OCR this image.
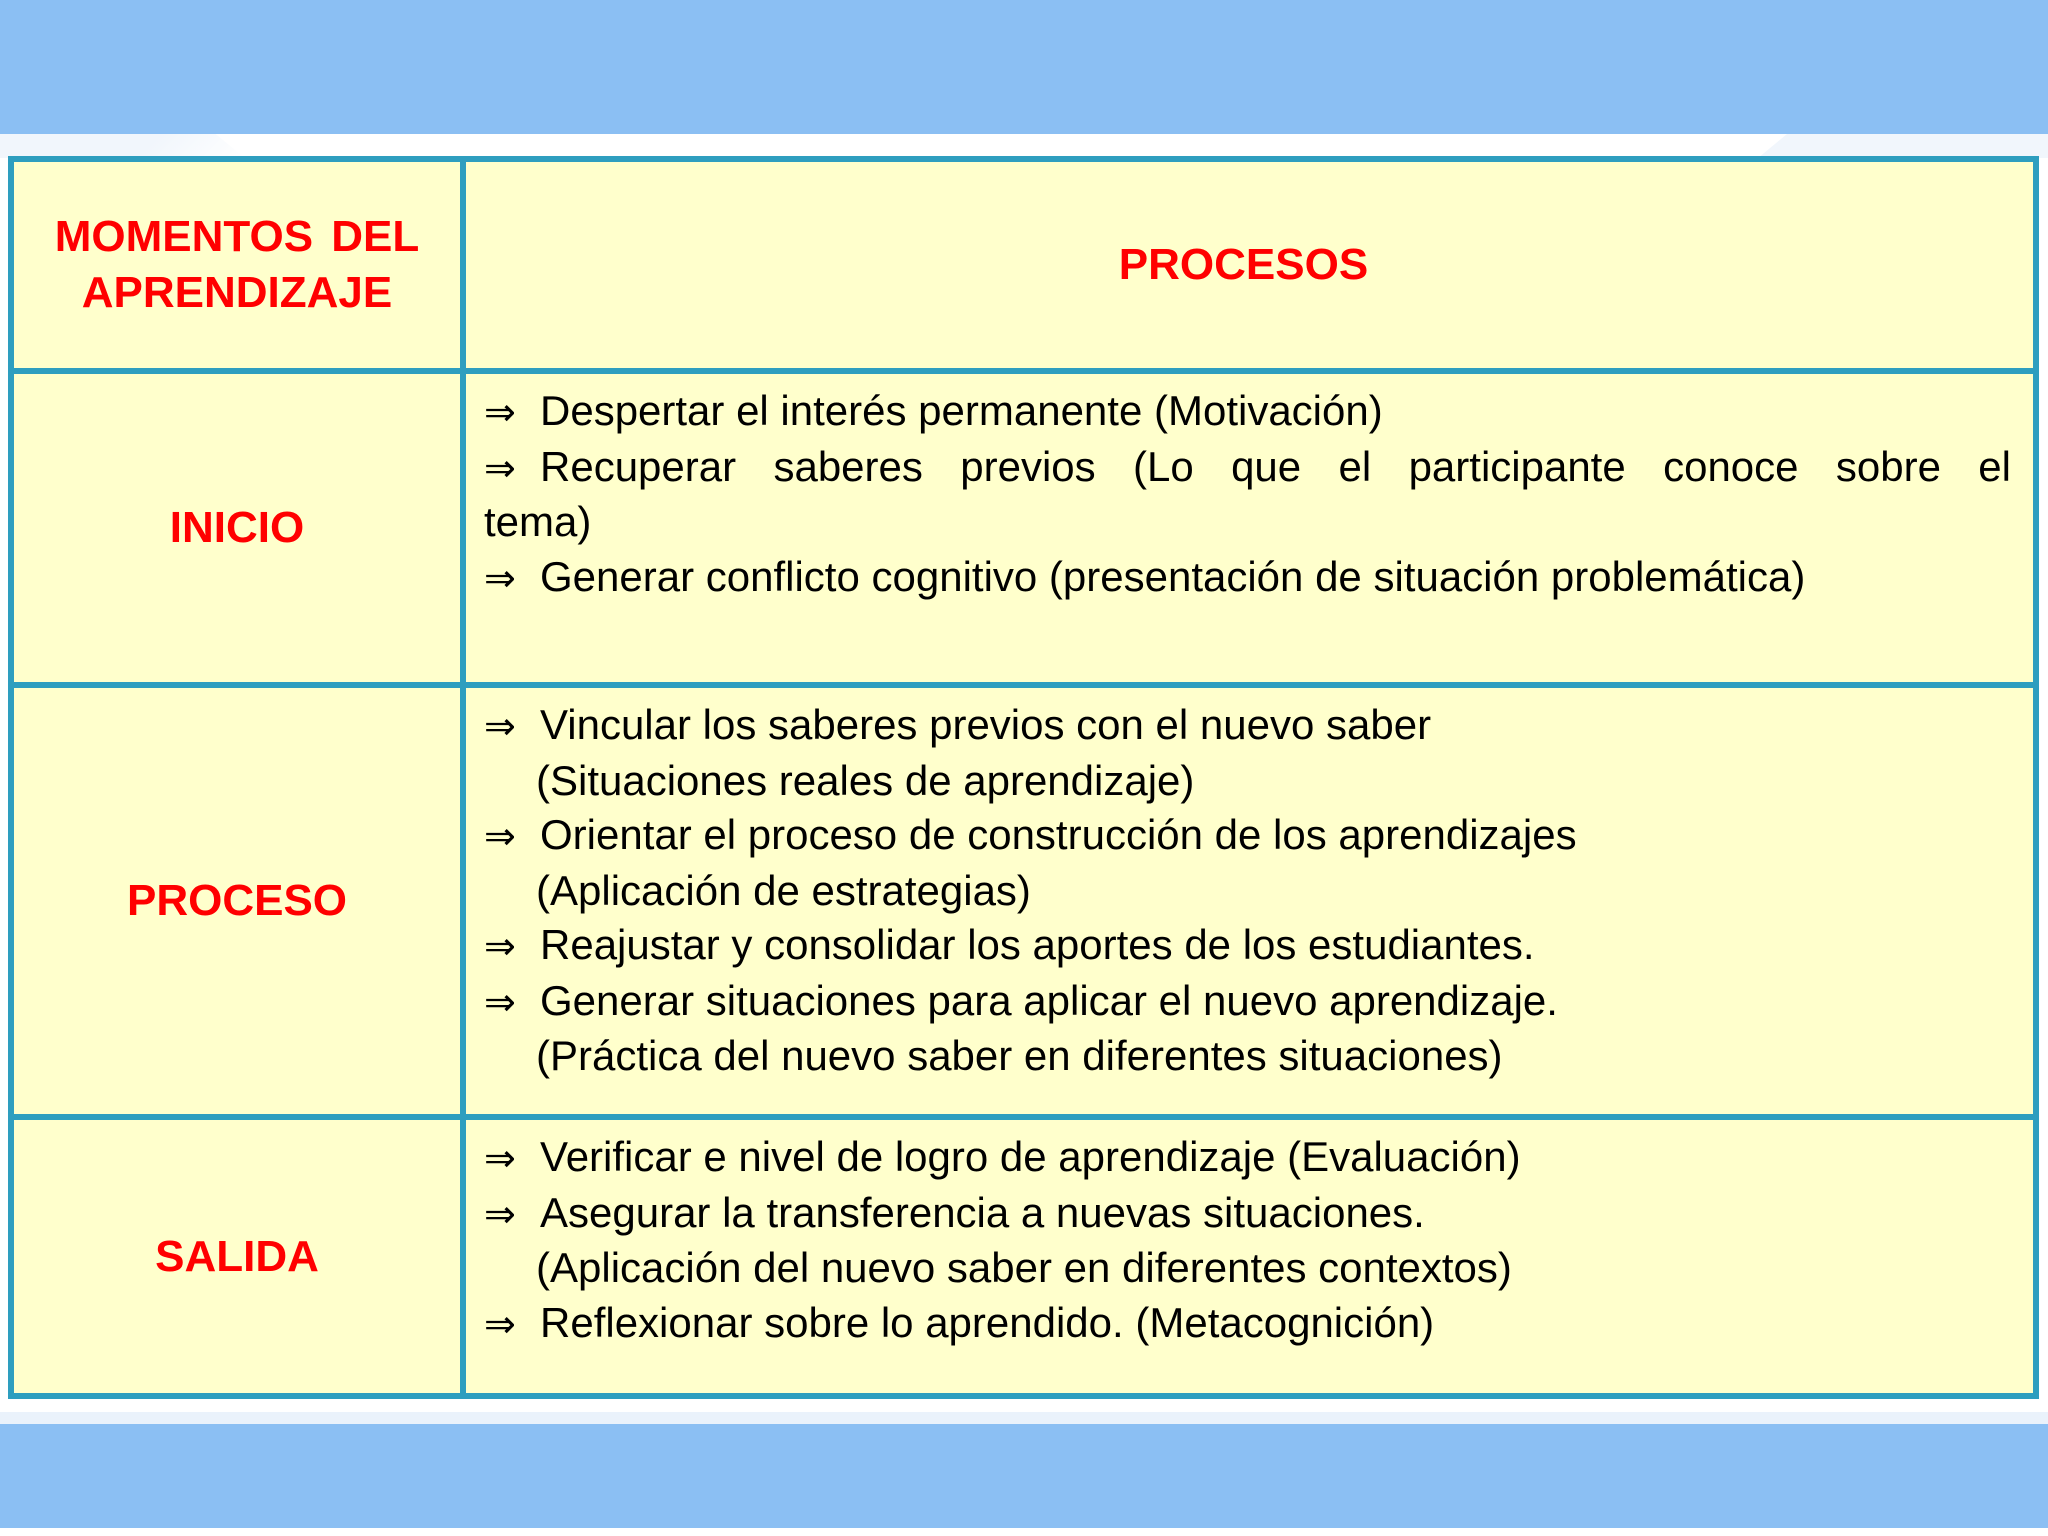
MOMENTOS DEL
APRENDIZAJE
PROCESOS
INICIO
⇒ Despertar el interés permanente (Motivación)
⇒ Recuperar saberes previos (Lo que el participante conoce sobre el tema)
⇒ Generar conflicto cognitivo (presentación de situación problemática)
PROCESO
⇒ Vincular los saberes previos con el nuevo saber
(Situaciones reales de aprendizaje)
⇒ Orientar el proceso de construcción de los aprendizajes
(Aplicación de estrategias)
⇒ Reajustar y consolidar los aportes de los estudiantes.
⇒ Generar situaciones para aplicar el nuevo aprendizaje.
(Práctica del nuevo saber en diferentes situaciones)
SALIDA
⇒ Verificar e nivel de logro de aprendizaje (Evaluación)
⇒ Asegurar la transferencia a nuevas situaciones.
(Aplicación del nuevo saber en diferentes contextos)
⇒ Reflexionar sobre lo aprendido. (Metacognición)
